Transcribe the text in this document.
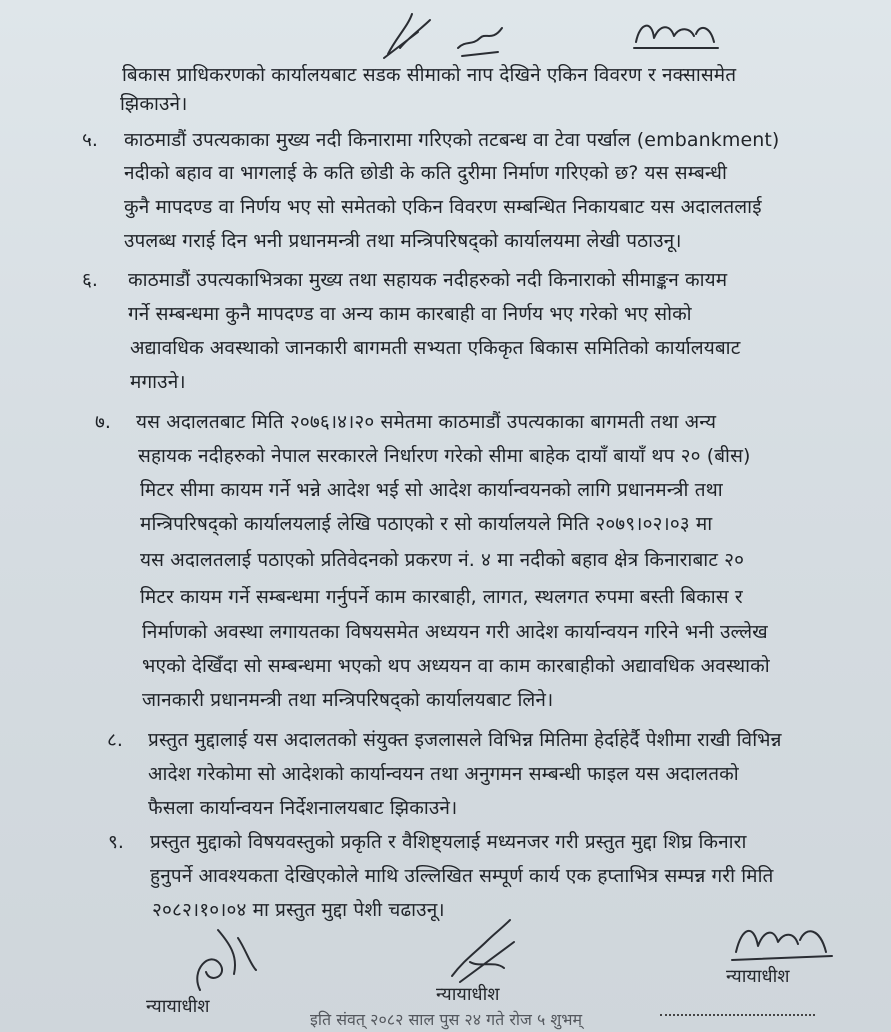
बिकास प्राधिकरणको कार्यालयबाट सडक सीमाको नाप देखिने एकिन विवरण र नक्सासमेत
झिकाउने।
५. काठमाडौं उपत्यकाका मुख्य नदी किनारामा गरिएको तटबन्ध वा टेवा पर्खाल (embankment)
नदीको बहाव वा भागलाई के कति छोडी के कति दुरीमा निर्माण गरिएको छ? यस सम्बन्धी
कुनै मापदण्ड वा निर्णय भए सो समेतको एकिन विवरण सम्बन्धित निकायबाट यस अदालतलाई
उपलब्ध गराई दिन भनी प्रधानमन्त्री तथा मन्त्रिपरिषद्को कार्यालयमा लेखी पठाउनू।
६. काठमाडौं उपत्यकाभित्रका मुख्य तथा सहायक नदीहरुको नदी किनाराको सीमाङ्कन कायम
गर्ने सम्बन्धमा कुनै मापदण्ड वा अन्य काम कारबाही वा निर्णय भए गरेको भए सोको
अद्यावधिक अवस्थाको जानकारी बागमती सभ्यता एकिकृत बिकास समितिको कार्यालयबाट
मगाउने।
७. यस अदालतबाट मिति २०७६।४।२० समेतमा काठमाडौं उपत्यकाका बागमती तथा अन्य
सहायक नदीहरुको नेपाल सरकारले निर्धारण गरेको सीमा बाहेक दायाँ बायाँ थप २० (बीस)
मिटर सीमा कायम गर्ने भन्ने आदेश भई सो आदेश कार्यान्वयनको लागि प्रधानमन्त्री तथा
मन्त्रिपरिषद्को कार्यालयलाई लेखि पठाएको र सो कार्यालयले मिति २०७९।०२।०३ मा
यस अदालतलाई पठाएको प्रतिवेदनको प्रकरण नं. ४ मा नदीको बहाव क्षेत्र किनाराबाट २०
मिटर कायम गर्ने सम्बन्धमा गर्नुपर्ने काम कारबाही, लागत, स्थलगत रुपमा बस्ती बिकास र
निर्माणको अवस्था लगायतका विषयसमेत अध्ययन गरी आदेश कार्यान्वयन गरिने भनी उल्लेख
भएको देखिँदा सो सम्बन्धमा भएको थप अध्ययन वा काम कारबाहीको अद्यावधिक अवस्थाको
जानकारी प्रधानमन्त्री तथा मन्त्रिपरिषद्को कार्यालयबाट लिने।
८. प्रस्तुत मुद्दालाई यस अदालतको संयुक्त इजलासले विभिन्न मितिमा हेर्दाहेर्दै पेशीमा राखी विभिन्न
आदेश गरेकोमा सो आदेशको कार्यान्वयन तथा अनुगमन सम्बन्धी फाइल यस अदालतको
फैसला कार्यान्वयन निर्देशनालयबाट झिकाउने।
९. प्रस्तुत मुद्दाको विषयवस्तुको प्रकृति र वैशिष्ट्यलाई मध्यनजर गरी प्रस्तुत मुद्दा शिघ्र किनारा
हुनुपर्ने आवश्यकता देखिएकोले माथि उल्लिखित सम्पूर्ण कार्य एक हप्ताभित्र सम्पन्न गरी मिति
२०८२।१०।०४ मा प्रस्तुत मुद्दा पेशी चढाउनू।
न्यायाधीश
न्यायाधीश
न्यायाधीश
इति संवत् २०८२ साल पुस २४ गते रोज ५ शुभम्
